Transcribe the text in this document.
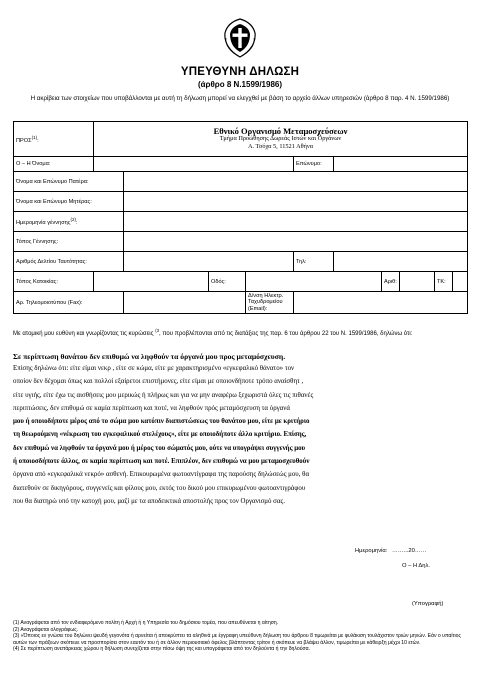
ΥΠΕΥΘΥΝΗ ΔΗΛΩΣΗ
(άρθρο 8 Ν.1599/1986)
Η ακρίβεια των στοιχείων που υποβάλλονται με αυτή τη δήλωση μπορεί να ελεγχθεί με βάση το αρχείο άλλων υπηρεσιών (άρθρο 8 παρ. 4 Ν. 1599/1986)
ΠΡΟΣ$^{(1)}$:	Εθνικό Οργανισμό Μεταμοσχεύσεων
Τμήμα Προώθησης Δωρεάς Ιστών και Οργάνων
Α. Τσόχα 5, 11521 Αθήνα									

Ο – Η Όνομα:					Επώνυμο:					
Όνομα και Επώνυμο Πατέρα:										
Όνομα και Επώνυμο Μητέρας:										
Ημερομηνία γέννησης$^{(2)}$:										
Τόπος Γέννησης:										
Αριθμός Δελτίου Ταυτότητας:					Τηλ:					
Τόπος Κατοικίας:			Οδός:				Αριθ:		ΤΚ:	
Αρ. Τηλεομοιοτύπου (Fax):				Δ/νση Ηλεκτρ. Ταχυδρομείου (Εmail):						
Με ατομική μου ευθύνη και γνωρίζοντας τις κυρώσεις $^{(3}$, που προβλέπονται από τις διατάξεις της παρ. 6 του άρθρου 22 του Ν. 1599/1986, δηλώνω ότι:
Σε περίπτωση θανάτου δεν επιθυμώ να ληφθούν τα όργανά μου προς μεταμόσχευση.
Επίσης δηλώνω ότι: είτε είμαι νεκρ , είτε σε κώμα, είτε με χαρακτηρισμένο «εγκεφαλικό θάνατο» τον
οποίον δεν δέχομαι όπως και πολλοί εξαίρετοι επιστήμονες, είτε είμαι με οποιονδήποτε τρόπο αναίσθητ ,
είτε υγιής, είτε έχω τις αισθήσεις μου μερικώς ή πλήρως και για να μην αναφέρω ξεχωριστά όλες τις πιθανές
περιπτώσεις, δεν επιθυμώ σε καμία περίπτωση και ποτέ, να ληφθούν πρός μεταμόσχευση τα όργανά
μου ή οποιοδήποτε μέρος από το σώμα μου κατόπιν διαπιστώσεως του θανάτου μου, είτε με κριτήριο
τη θεωρούμενη «νέκρωση του εγκεφαλικού στελέχους», είτε με οποιοδήποτε άλλο κριτήριο. Επίσης,
δεν επιθυμώ να ληφθούν τα όργανά μου ή μέρος του σώματός μου, ούτε να υπογράψει συγγενής μου
ή οποιοσδήποτε άλλος, σε καμία περίπτωση και ποτέ. Επιπλέον, δεν επιθυμώ να μου μεταμοσχευθούν
όργανα από «εγκεφαλικά νεκρό» ασθενή. Επικουρωμένα φωτοαντίγραφα της παρούσης δηλώσεώς μου, θα
διατεθούν σε δικηγόρους, συγγενείς και φίλους μου, εκτός του δικού μου επικυρωμένου φωτοαντιγράφου
που θα διατηρώ υπό την κατοχή μου, μαζί με τα αποδεικτικά αποστολής προς τον Οργανισμό σας.
Ημερομηνία: ……...20……
Ο – Η Δηλ.
(Υπογραφή)
(1) Αναγράφεται από τον ενδιαφερόμενο πολίτη ή Αρχή ή η Υπηρεσία του δημόσιου τομέα, που απευθύνεται η αίτηση.
(2) Αναγράφεται ολογράφως.
(3) «Όποιος εν γνώσει του δηλώνει ψευδή γεγονότα ή αρνείται ή αποκρύπτει τα αληθινά με έγγραφη υπεύθυνη δήλωση του άρθρου 8 τιμωρείται με φυλάκιση τουλάχιστον τριών μηνών. Εάν ο υπαίτιος αυτών των πράξεων σκόπευε να προσπορίσει στον εαυτόν του ή σε άλλον περιουσιακό όφελος βλάπτοντας τρίτον ή σκόπευε να βλάψει άλλον, τιμωρείται με κάθειρξη μέχρι 10 ετών.
(4) Σε περίπτωση ανεπάρκειας χώρου η δήλωση συνεχίζεται στην πίσω όψη της και υπογράφεται από τον δηλούντα ή την δηλούσα.
